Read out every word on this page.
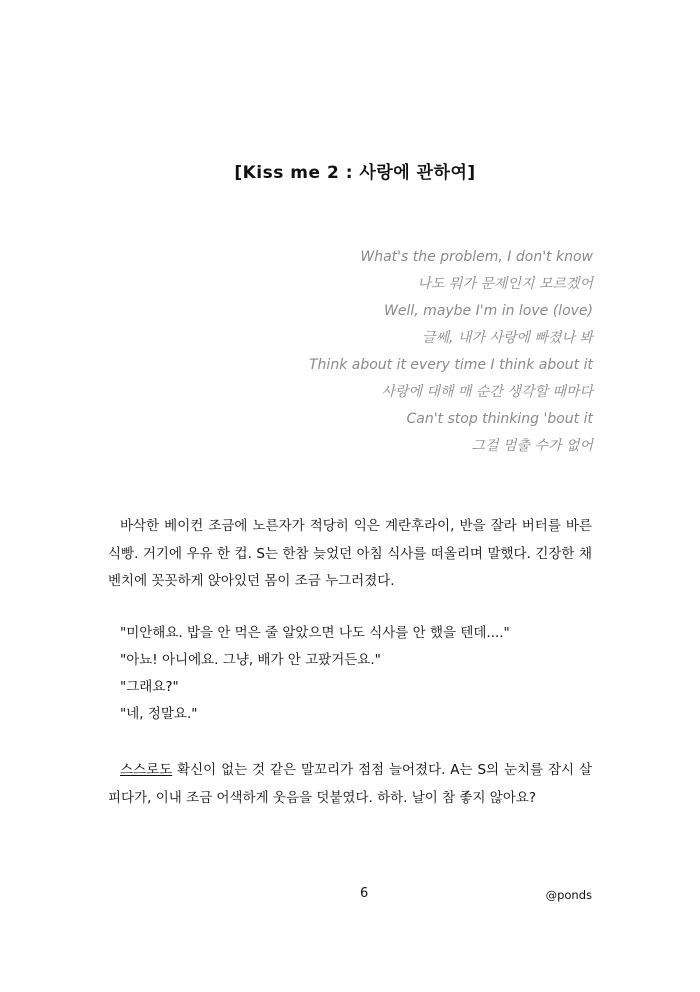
[Kiss me 2 : 사랑에 관하여]
What's the problem, I don't know
나도 뭐가 문제인지 모르겠어
Well, maybe I'm in love (love)
글쎄, 내가 사랑에 빠졌나 봐
Think about it every time I think about it
사랑에 대해 매 순간 생각할 때마다
Can't stop thinking 'bout it
그걸 멈출 수가 없어
바삭한 베이컨 조금에 노른자가 적당히 익은 계란후라이, 반을 잘라 버터를 바른 식빵. 거기에 우유 한 컵. S는 한참 늦었던 아침 식사를 떠올리며 말했다. 긴장한 채 벤치에 꼿꼿하게 앉아있던 몸이 조금 누그러졌다.
"미안해요. 밥을 안 먹은 줄 알았으면 나도 식사를 안 했을 텐데...."
"아뇨! 아니에요. 그냥, 배가 안 고팠거든요."
"그래요?"
"네, 정말요."
스스로도 확신이 없는 것 같은 말꼬리가 점점 늘어졌다. A는 S의 눈치를 잠시 살피다가, 이내 조금 어색하게 웃음을 덧붙였다. 하하. 날이 참 좋지 않아요?
6	@ponds
